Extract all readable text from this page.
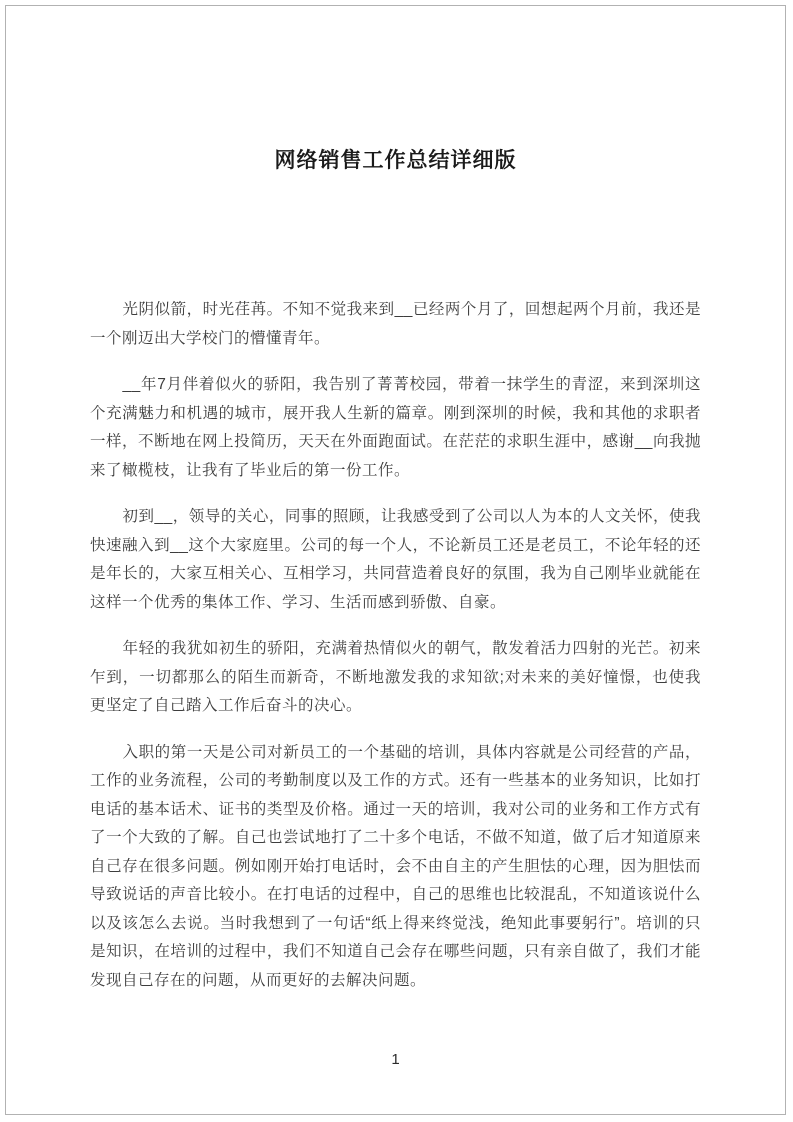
网络销售工作总结详细版

光阴似箭，时光荏苒。不知不觉我来到__已经两个月了，回想起两个月前，我还是一个刚迈出大学校门的懵懂青年。

__年7月伴着似火的骄阳，我告别了菁菁校园，带着一抹学生的青涩，来到深圳这个充满魅力和机遇的城市，展开我人生新的篇章。刚到深圳的时候，我和其他的求职者一样，不断地在网上投简历，天天在外面跑面试。在茫茫的求职生涯中，感谢__向我抛来了橄榄枝，让我有了毕业后的第一份工作。

初到__，领导的关心，同事的照顾，让我感受到了公司以人为本的人文关怀，使我快速融入到__这个大家庭里。公司的每一个人，不论新员工还是老员工，不论年轻的还是年长的，大家互相关心、互相学习，共同营造着良好的氛围，我为自己刚毕业就能在这样一个优秀的集体工作、学习、生活而感到骄傲、自豪。

年轻的我犹如初生的骄阳，充满着热情似火的朝气，散发着活力四射的光芒。初来乍到，一切都那么的陌生而新奇，不断地激发我的求知欲;对未来的美好憧憬，也使我更坚定了自己踏入工作后奋斗的决心。

入职的第一天是公司对新员工的一个基础的培训，具体内容就是公司经营的产品，工作的业务流程，公司的考勤制度以及工作的方式。还有一些基本的业务知识，比如打电话的基本话术、证书的类型及价格。通过一天的培训，我对公司的业务和工作方式有了一个大致的了解。自己也尝试地打了二十多个电话，不做不知道，做了后才知道原来自己存在很多问题。例如刚开始打电话时，会不由自主的产生胆怯的心理，因为胆怯而导致说话的声音比较小。在打电话的过程中，自己的思维也比较混乱，不知道该说什么以及该怎么去说。当时我想到了一句话“纸上得来终觉浅，绝知此事要躬行”。培训的只是知识，在培训的过程中，我们不知道自己会存在哪些问题，只有亲自做了，我们才能发现自己存在的问题，从而更好的去解决问题。

1
